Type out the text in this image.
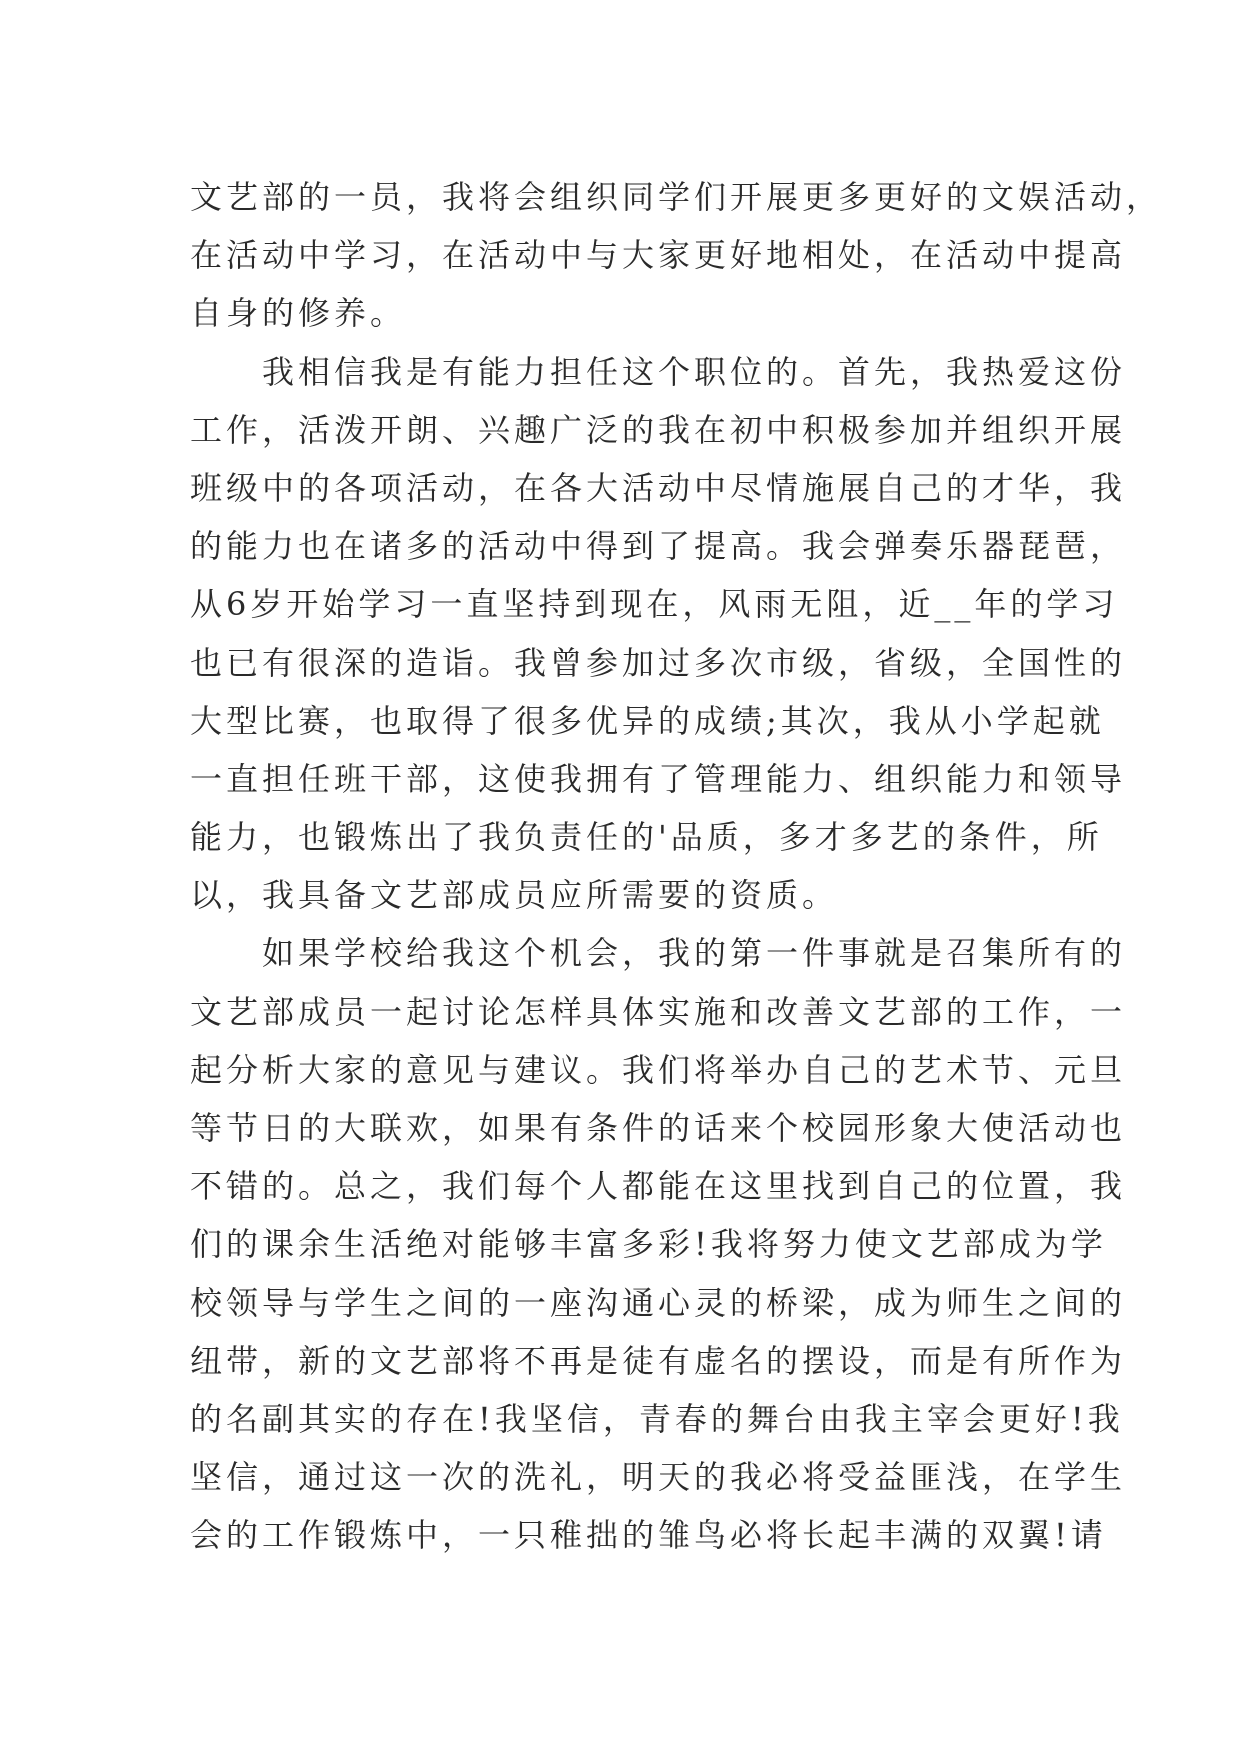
文艺部的一员，我将会组织同学们开展更多更好的文娱活动，
在活动中学习，在活动中与大家更好地相处，在活动中提高
自身的修养。
　　我相信我是有能力担任这个职位的。首先，我热爱这份
工作，活泼开朗、兴趣广泛的我在初中积极参加并组织开展
班级中的各项活动，在各大活动中尽情施展自己的才华，我
的能力也在诸多的活动中得到了提高。我会弹奏乐器琵琶，
从6岁开始学习一直坚持到现在，风雨无阻，近__年的学习
也已有很深的造诣。我曾参加过多次市级，省级，全国性的
大型比赛，也取得了很多优异的成绩;其次，我从小学起就
一直担任班干部，这使我拥有了管理能力、组织能力和领导
能力，也锻炼出了我负责任的'品质，多才多艺的条件，所
以，我具备文艺部成员应所需要的资质。
　　如果学校给我这个机会，我的第一件事就是召集所有的
文艺部成员一起讨论怎样具体实施和改善文艺部的工作，一
起分析大家的意见与建议。我们将举办自己的艺术节、元旦
等节日的大联欢，如果有条件的话来个校园形象大使活动也
不错的。总之，我们每个人都能在这里找到自己的位置，我
们的课余生活绝对能够丰富多彩!我将努力使文艺部成为学
校领导与学生之间的一座沟通心灵的桥梁，成为师生之间的
纽带，新的文艺部将不再是徒有虚名的摆设，而是有所作为
的名副其实的存在!我坚信，青春的舞台由我主宰会更好!我
坚信，通过这一次的洗礼，明天的我必将受益匪浅，在学生
会的工作锻炼中，一只稚拙的雏鸟必将长起丰满的双翼!请
